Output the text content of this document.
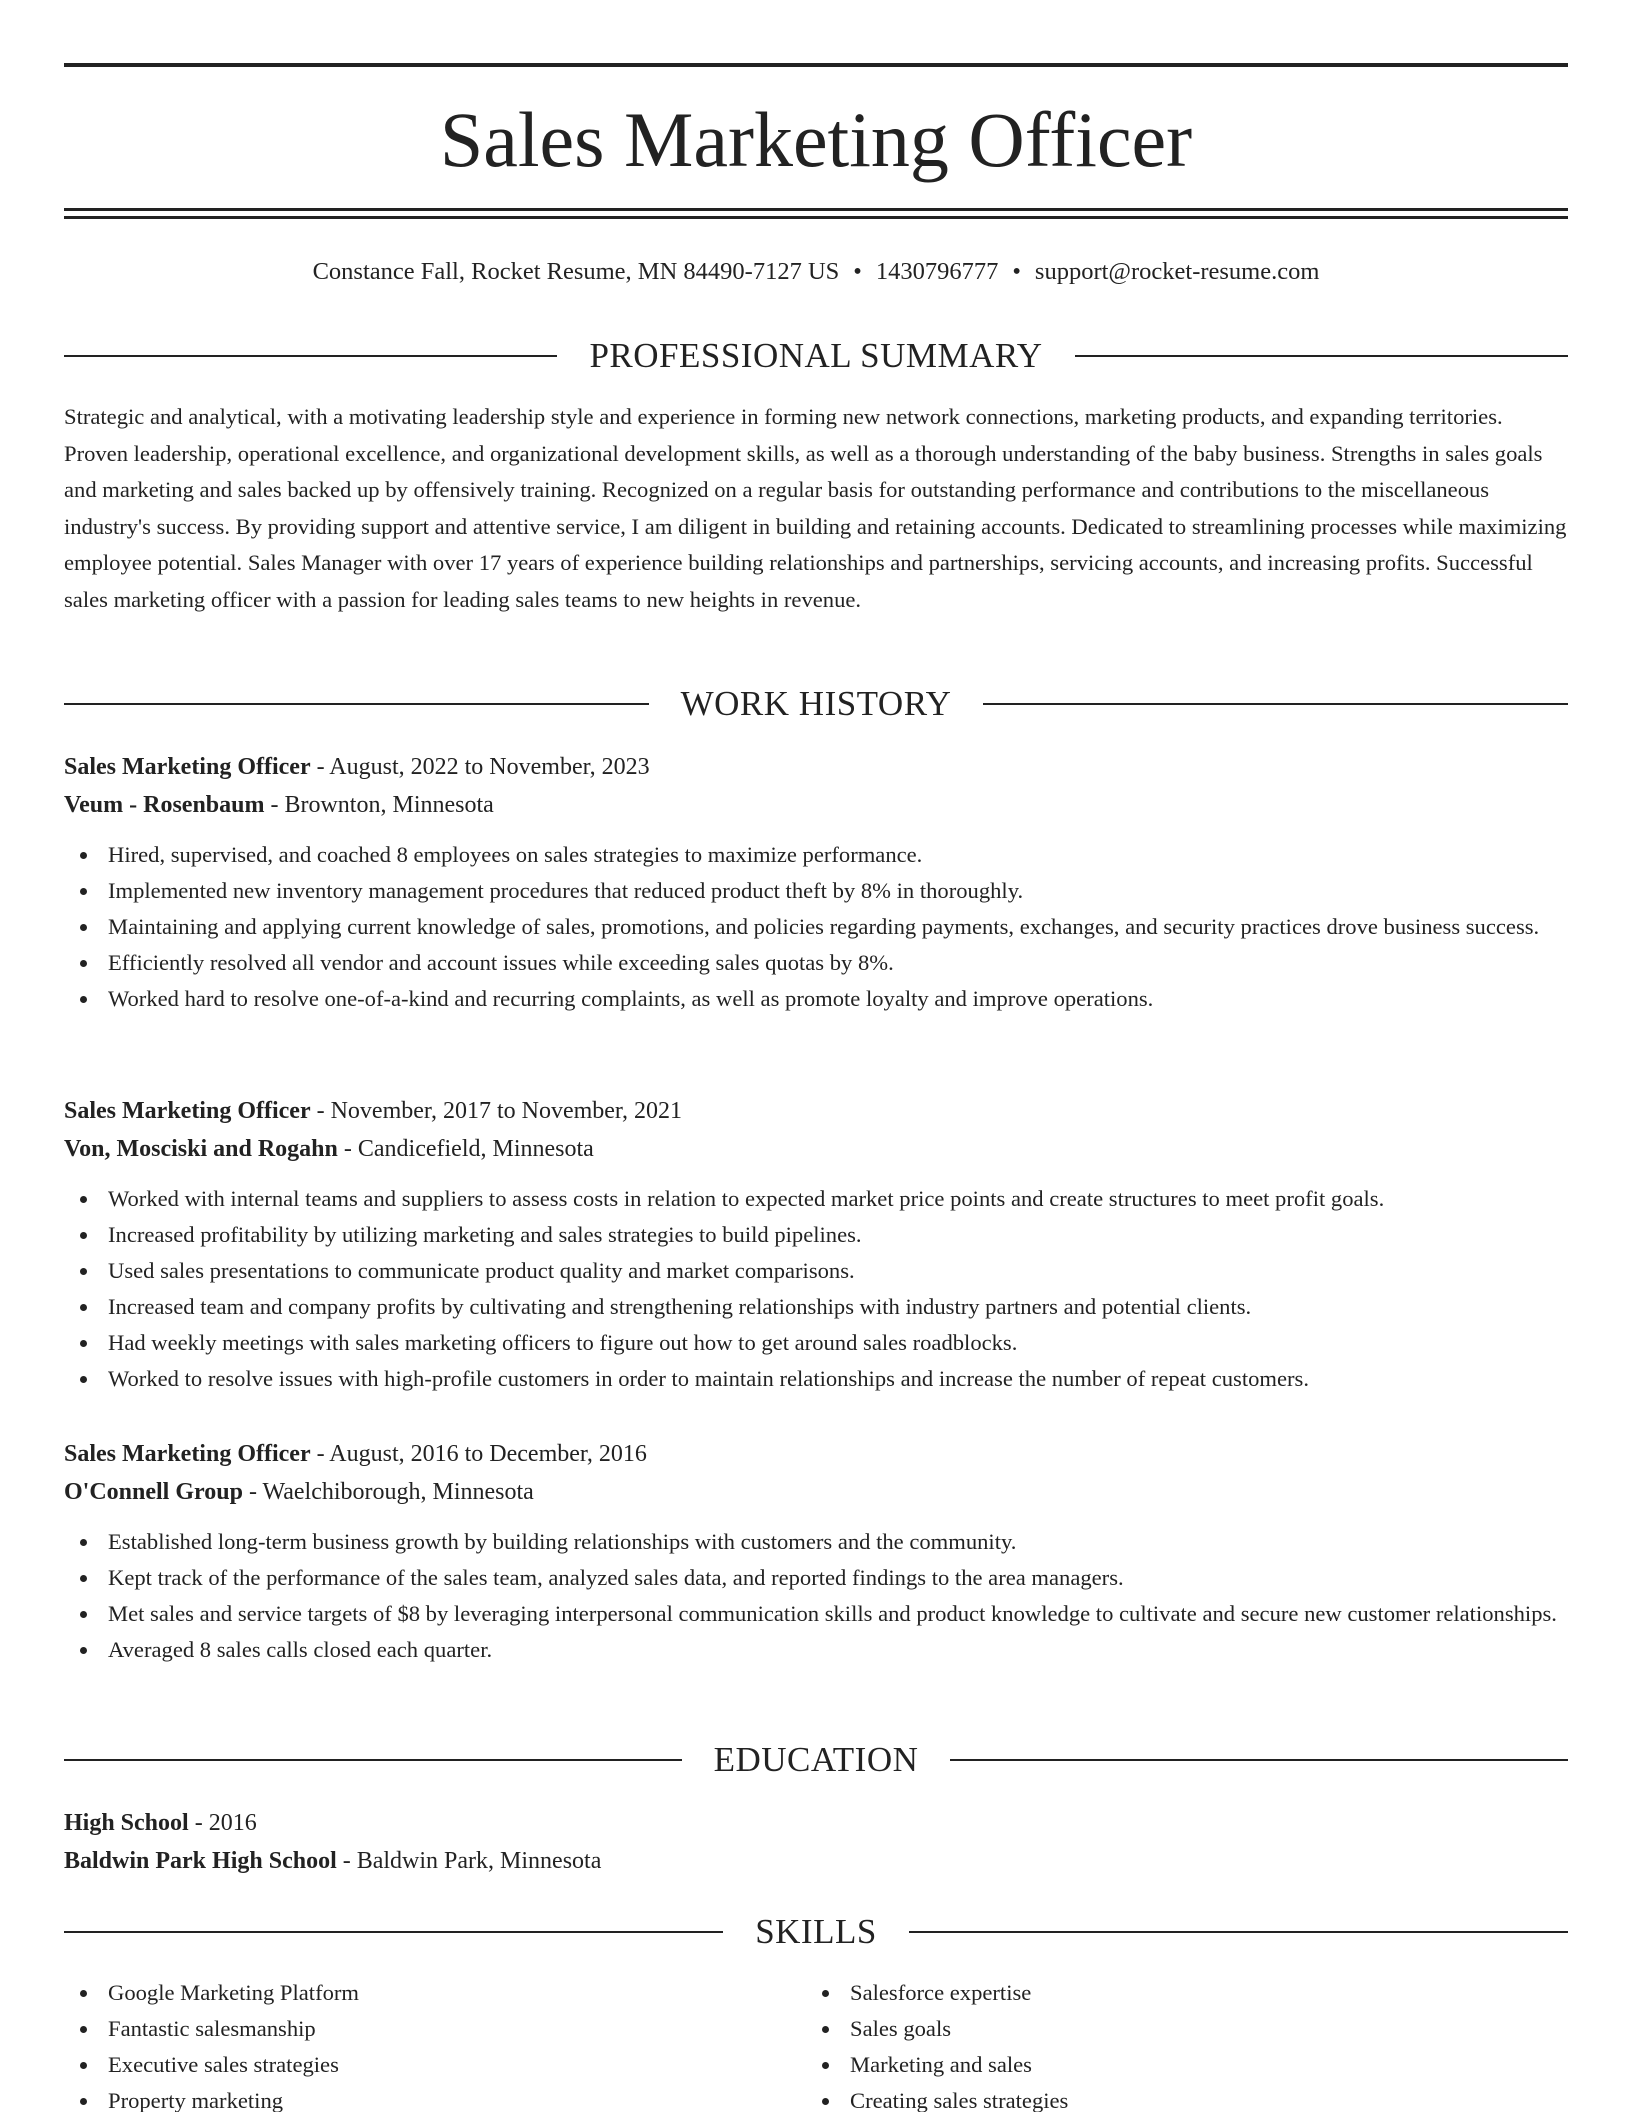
Sales Marketing Officer
Constance Fall, Rocket Resume, MN 84490-7127 US • 1430796777 • support@rocket-resume.com
PROFESSIONAL SUMMARY

Strategic and analytical, with a motivating leadership style and experience in forming new network connections, marketing products, and expanding territories. Proven leadership, operational excellence, and organizational development skills, as well as a thorough understanding of the baby business. Strengths in sales goals and marketing and sales backed up by offensively training. Recognized on a regular basis for outstanding performance and contributions to the miscellaneous industry's success. By providing support and attentive service, I am diligent in building and retaining accounts. Dedicated to streamlining processes while maximizing employee potential. Sales Manager with over 17 years of experience building relationships and partnerships, servicing accounts, and increasing profits. Successful sales marketing officer with a passion for leading sales teams to new heights in revenue.

WORK HISTORY
Sales Marketing Officer - August, 2022 to November, 2023
Veum - Rosenbaum - Brownton, Minnesota
Hired, supervised, and coached 8 employees on sales strategies to maximize performance.
Implemented new inventory management procedures that reduced product theft by 8% in thoroughly.
Maintaining and applying current knowledge of sales, promotions, and policies regarding payments, exchanges, and security practices drove business success.
Efficiently resolved all vendor and account issues while exceeding sales quotas by 8%.
Worked hard to resolve one-of-a-kind and recurring complaints, as well as promote loyalty and improve operations.
Sales Marketing Officer - November, 2017 to November, 2021
Von, Mosciski and Rogahn - Candicefield, Minnesota
Worked with internal teams and suppliers to assess costs in relation to expected market price points and create structures to meet profit goals.
Increased profitability by utilizing marketing and sales strategies to build pipelines.
Used sales presentations to communicate product quality and market comparisons.
Increased team and company profits by cultivating and strengthening relationships with industry partners and potential clients.
Had weekly meetings with sales marketing officers to figure out how to get around sales roadblocks.
Worked to resolve issues with high-profile customers in order to maintain relationships and increase the number of repeat customers.
Sales Marketing Officer - August, 2016 to December, 2016
O'Connell Group - Waelchiborough, Minnesota
Established long-term business growth by building relationships with customers and the community.
Kept track of the performance of the sales team, analyzed sales data, and reported findings to the area managers.
Met sales and service targets of $8 by leveraging interpersonal communication skills and product knowledge to cultivate and secure new customer relationships.
Averaged 8 sales calls closed each quarter.
EDUCATION
High School - 2016
Baldwin Park High School - Baldwin Park, Minnesota
SKILLS
Google Marketing Platform
Fantastic salesmanship
Executive sales strategies
Property marketing
Salesforce expertise
Sales goals
Marketing and sales
Creating sales strategies
